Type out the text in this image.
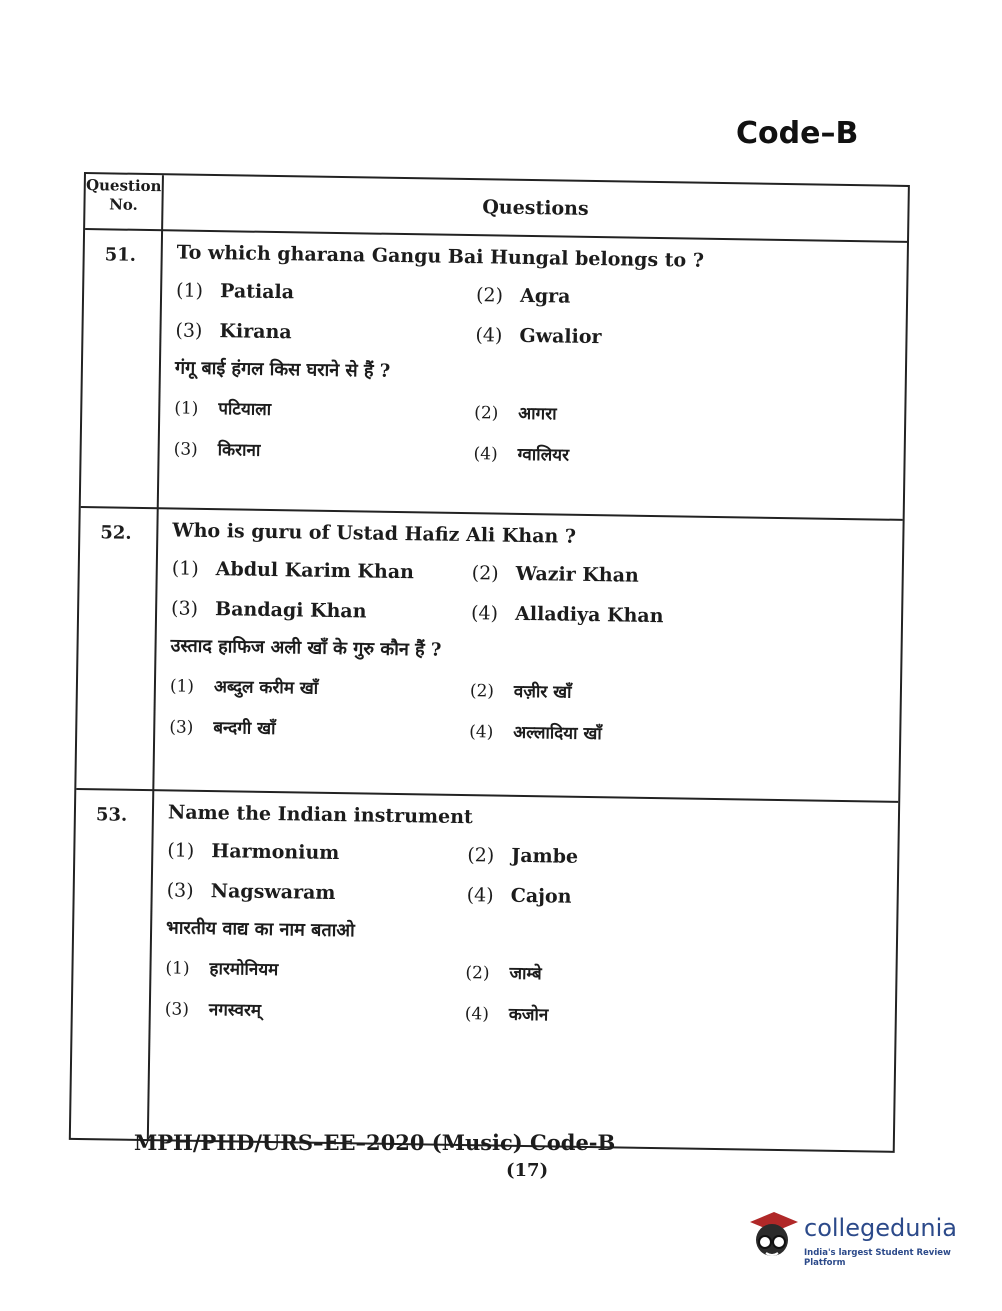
Code–B
Question No.	Questions
51. To which gharana Gangu Bai Hungal belongs to ?
(1) Patiala	(2) Agra
(3) Kirana	(4) Gwalior
गंगू बाई हंगल किस घराने से हैं ?
(1) पटियाला	(2) आगरा
(3) किराना	(4) ग्वालियर
52. Who is guru of Ustad Hafiz Ali Khan ?
(1) Abdul Karim Khan	(2) Wazir Khan
(3) Bandagi Khan	(4) Alladiya Khan
उस्ताद हाफिज अली खाँ के गुरु कौन हैं ?
(1) अब्दुल करीम खाँ	(2) वज़ीर खाँ
(3) बन्दगी खाँ	(4) अल्लादिया खाँ
53. Name the Indian instrument
(1) Harmonium	(2) Jambe
(3) Nagswaram	(4) Cajon
भारतीय वाद्य का नाम बताओ
(1) हारमोनियम	(2) जाम्बे
(3) नगस्वरम्	(4) कजोन
MPH/PHD/URS–EE–2020 (Music) Code-B
(17)
collegedunia
India's largest Student Review Platform
